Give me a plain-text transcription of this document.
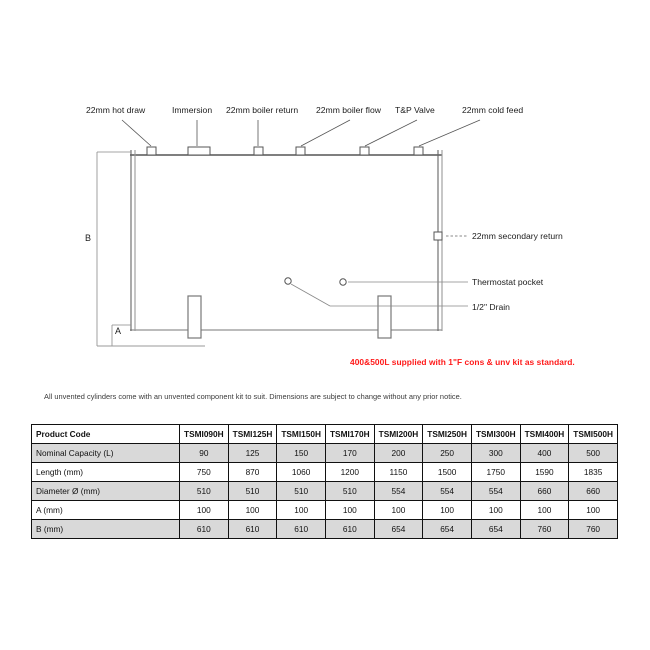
22mm hot draw	Immersion 22mm boiler return 22mm boiler flow T&P Valve	22mm cold feed
22mm secondary return
Thermostat pocket
1/2" Drain
B
A
400&500L supplied with 1"F cons & unv kit as standard.
All unvented cylinders come with an unvented component kit to suit. Dimensions are subject to change without any prior notice.
Product Code	TSMI090H	TSMI125H	TSMI150H	TSMI170H	TSMI200H	TSMI250H	TSMI300H	TSMI400H	TSMI500H
Nominal Capacity (L)	90	125	150	170	200	250	300	400	500
Length (mm)	750	870	1060	1200	1150	1500	1750	1590	1835
Diameter Ø (mm)	510	510	510	510	554	554	554	660	660
A (mm)	100	100	100	100	100	100	100	100	100
B (mm)	610	610	610	610	654	654	654	760	760
